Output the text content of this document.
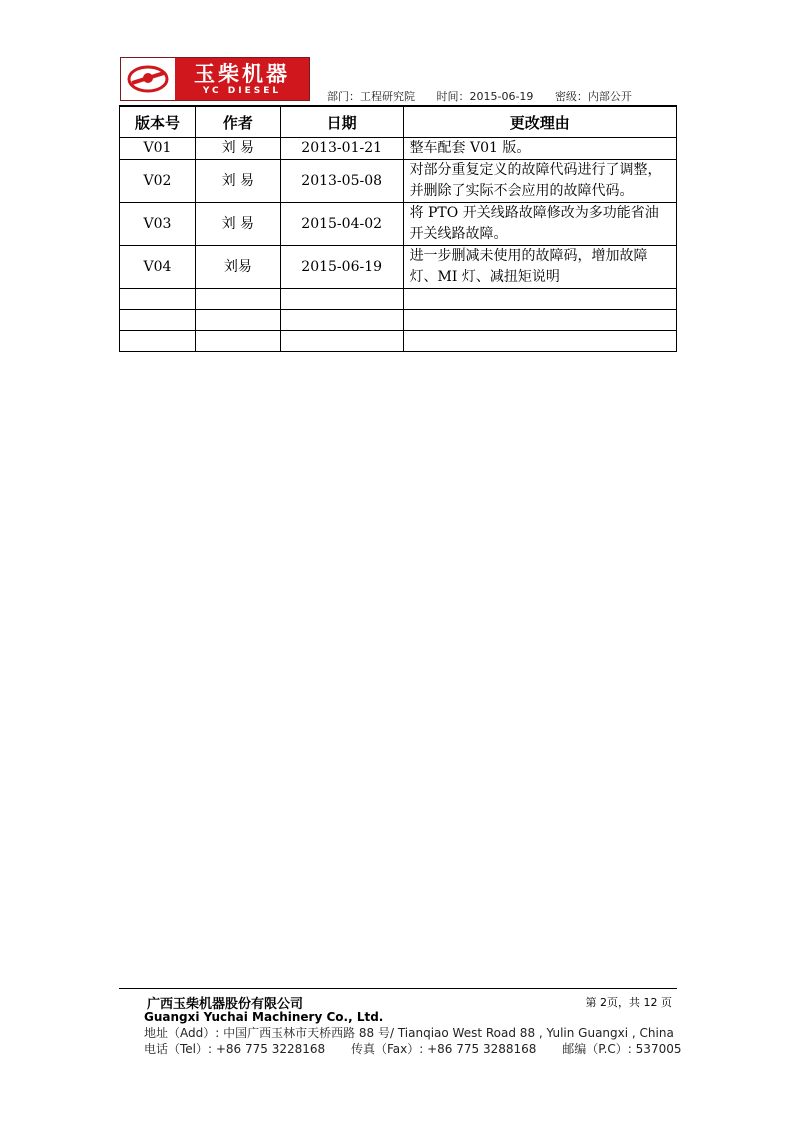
玉柴机器
YC DIESEL	部门：工程研究院 时间：2015-06-19 密级：内部公开
版本号	作者	日期	更改理由
V01	刘 易	2013-01-21	整车配套 V01 版。
V02	刘 易	2013-05-08	对部分重复定义的故障代码进行了调整，并删除了实际不会应用的故障代码。
V03	刘 易	2015-04-02	将 PTO 开关线路故障修改为多功能省油开关线路故障。
V04	刘易	2015-06-19	进一步删减未使用的故障码，增加故障灯、MI 灯、减扭矩说明

广西玉柴机器股份有限公司	第 2页，共 12 页
Guangxi Yuchai Machinery Co., Ltd.
地址（Add）: 中国广西玉林市天桥西路 88 号/ Tianqiao West Road 88 , Yulin Guangxi , China
电话（Tel）: +86 775 3228168 传真（Fax）: +86 775 3288168 邮编（P.C）: 537005
